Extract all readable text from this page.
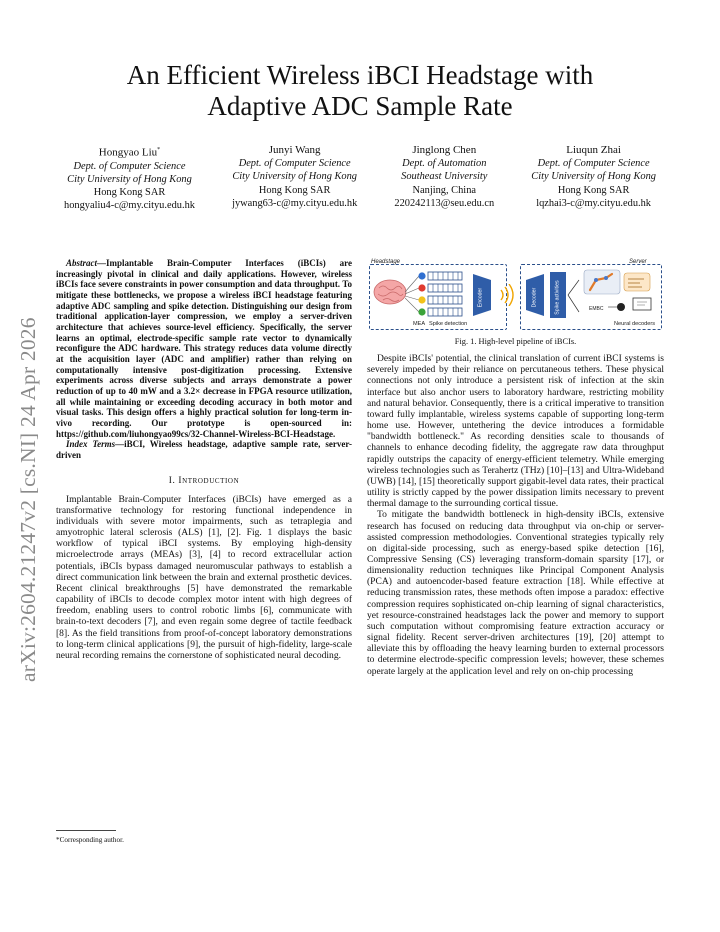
arXiv:2604.21247v2 [cs.NI] 24 Apr 2026
An Efficient Wireless iBCI Headstage with
Adaptive ADC Sample Rate
Hongyao Liu*
Dept. of Computer Science
City University of Hong Kong
Hong Kong SAR
hongyaliu4-c@my.cityu.edu.hk
Junyi Wang
Dept. of Computer Science
City University of Hong Kong
Hong Kong SAR
jywang63-c@my.cityu.edu.hk
Jinglong Chen
Dept. of Automation
Southeast University
Nanjing, China
220242113@seu.edu.cn
Liuqun Zhai
Dept. of Computer Science
City University of Hong Kong
Hong Kong SAR
lqzhai3-c@my.cityu.edu.hk

Abstract—Implantable Brain-Computer Interfaces (iBCIs) are increasingly pivotal in clinical and daily applications. However, wireless iBCIs face severe constraints in power consumption and data throughput. To mitigate these bottlenecks, we propose a wireless iBCI headstage featuring adaptive ADC sampling and spike detection. Distinguishing our design from traditional application-layer compression, we employ a server-driven architecture that achieves source-level efficiency. Specifically, the server learns an optimal, electrode-specific sample rate vector to dynamically reconfigure the ADC hardware. This strategy reduces data volume directly at the acquisition layer (ADC and amplifier) rather than relying on computationally intensive post-digitization processing. Extensive experiments across diverse subjects and arrays demonstrate a power reduction of up to 40 mW and a 3.2× decrease in FPGA resource utilization, all while maintaining or exceeding decoding accuracy in both motor and visual tasks. This design offers a highly practical solution for long-term in-vivo recording. Our prototype is open-sourced in: https://github.com/liuhongyao99cs/32-Channel-Wireless-BCI-Headstage.

Index Terms—iBCI, Wireless headstage, adaptive sample rate, server-driven

I. Introduction

Implantable Brain-Computer Interfaces (iBCIs) have emerged as a transformative technology for restoring functional independence in individuals with severe motor impairments, such as tetraplegia and amyotrophic lateral sclerosis (ALS) [1], [2]. Fig. 1 displays the basic workflow of typical iBCI systems. By employing high-density microelectrode arrays (MEAs) [3], [4] to record extracellular action potentials, iBCIs bypass damaged neuromuscular pathways to establish a direct communication link between the brain and external prosthetic devices. Recent clinical breakthroughs [5] have demonstrated the remarkable capability of iBCIs to decode complex motor intent with high degrees of freedom, enabling users to control robotic limbs [6], communicate with brain-to-text decoders [7], and even regain some degree of tactile feedback [8]. As the field transitions from proof-of-concept laboratory demonstrations to long-term clinical applications [9], the pursuit of high-fidelity, large-scale neural recording remains the cornerstone of sophisticated neural decoding.

*Corresponding author.
Headstage	Server
MEA Spike detection
Encoder	Decoder	Spike activities	EMBC
Neural decoders

Fig. 1. High-level pipeline of iBCIs.

Despite iBCIs' potential, the clinical translation of current iBCI systems is severely impeded by their reliance on percutaneous tethers. These physical connections not only introduce a persistent risk of infection at the skin interface but also anchor users to laboratory hardware, restricting mobility and natural behavior. Consequently, there is a critical imperative to transition toward fully implantable, wireless systems capable of supporting long-term home use. However, untethering the device introduces a formidable "bandwidth bottleneck." As recording densities scale to thousands of channels to enhance decoding fidelity, the aggregate raw data throughput rapidly outstrips the capacity of energy-efficient telemetry. While emerging wireless technologies such as Terahertz (THz) [10]–[13] and Ultra-Wideband (UWB) [14], [15] theoretically support gigabit-level data rates, their practical utility is strictly capped by the power dissipation limits necessary to prevent thermal damage to the surrounding cortical tissue.

To mitigate the bandwidth bottleneck in high-density iBCIs, extensive research has focused on reducing data throughput via on-chip or server-assisted compression methodologies. Conventional strategies typically rely on digital-side processing, such as energy-based spike detection [16], Compressive Sensing (CS) leveraging transform-domain sparsity [17], or dimensionality reduction techniques like Principal Component Analysis (PCA) and autoencoder-based feature extraction [18]. While effective at reducing transmission rates, these methods often impose a paradox: effective compression requires sophisticated on-chip learning of signal characteristics, yet resource-constrained headstages lack the power and memory to support such computation without compromising feature extraction accuracy or signal fidelity. Recent server-driven architectures [19], [20] attempt to alleviate this by offloading the heavy learning burden to external processors to determine electrode-specific compression levels; however, these schemes operate largely at the application level and rely on on-chip processing
